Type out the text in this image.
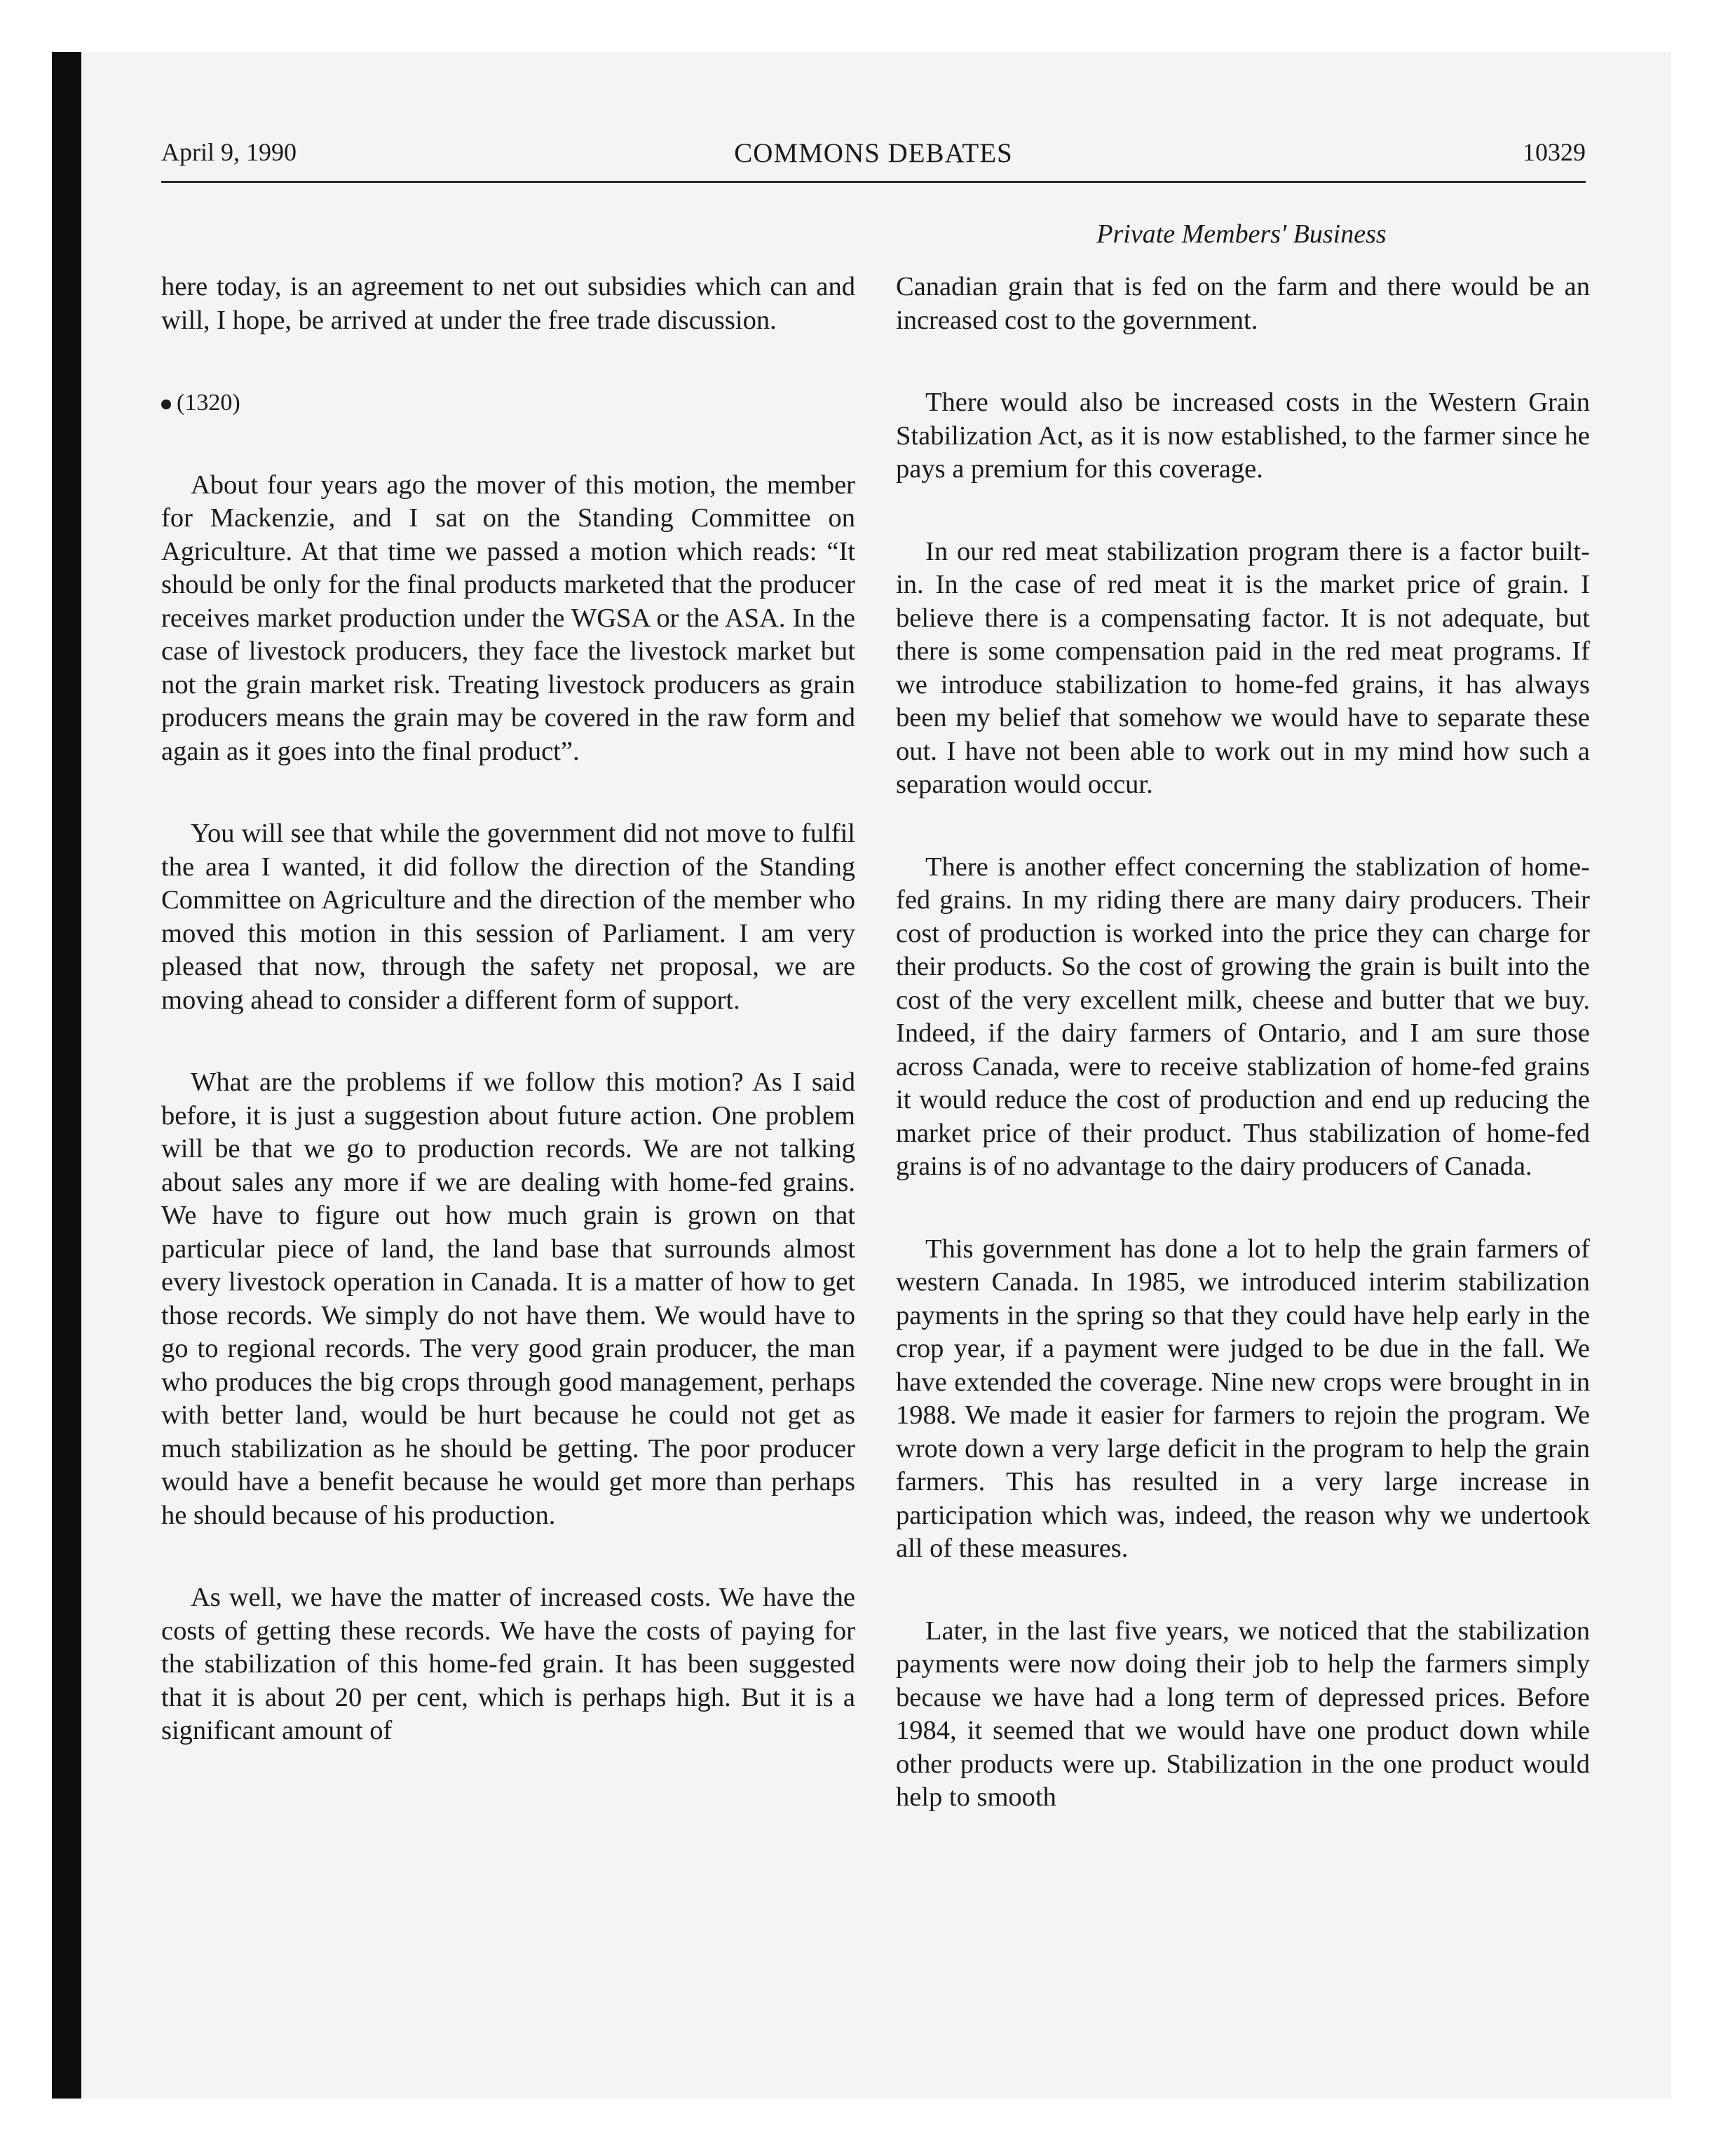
April 9, 1990	COMMONS DEBATES	10329
Private Members' Business

here today, is an agreement to net out subsidies which can and will, I hope, be arrived at under the free trade discussion.

(1320)

About four years ago the mover of this motion, the member for Mackenzie, and I sat on the Standing Committee on Agriculture. At that time we passed a motion which reads: “It should be only for the final products marketed that the producer receives market production under the WGSA or the ASA. In the case of livestock producers, they face the livestock market but not the grain market risk. Treating livestock producers as grain producers means the grain may be covered in the raw form and again as it goes into the final product”.

You will see that while the government did not move to fulfil the area I wanted, it did follow the direction of the Standing Committee on Agriculture and the direction of the member who moved this motion in this session of Parliament. I am very pleased that now, through the safety net proposal, we are moving ahead to consider a different form of support.

What are the problems if we follow this motion? As I said before, it is just a suggestion about future action. One problem will be that we go to production records. We are not talking about sales any more if we are dealing with home-fed grains. We have to figure out how much grain is grown on that particular piece of land, the land base that surrounds almost every livestock operation in Canada. It is a matter of how to get those records. We simply do not have them. We would have to go to regional records. The very good grain producer, the man who produces the big crops through good management, perhaps with better land, would be hurt because he could not get as much stabilization as he should be getting. The poor producer would have a benefit because he would get more than perhaps he should because of his production.

As well, we have the matter of increased costs. We have the costs of getting these records. We have the costs of paying for the stabilization of this home-fed grain. It has been suggested that it is about 20 per cent, which is perhaps high. But it is a significant amount of

Canadian grain that is fed on the farm and there would be an increased cost to the government.

There would also be increased costs in the Western Grain Stabilization Act, as it is now established, to the farmer since he pays a premium for this coverage.

In our red meat stabilization program there is a factor built-in. In the case of red meat it is the market price of grain. I believe there is a compensating factor. It is not adequate, but there is some compensation paid in the red meat programs. If we introduce stabilization to home-fed grains, it has always been my belief that somehow we would have to separate these out. I have not been able to work out in my mind how such a separation would occur.

There is another effect concerning the stablization of home-fed grains. In my riding there are many dairy producers. Their cost of production is worked into the price they can charge for their products. So the cost of growing the grain is built into the cost of the very excellent milk, cheese and butter that we buy. Indeed, if the dairy farmers of Ontario, and I am sure those across Canada, were to receive stablization of home-fed grains it would reduce the cost of production and end up reducing the market price of their product. Thus stabilization of home-fed grains is of no advantage to the dairy producers of Canada.

This government has done a lot to help the grain farmers of western Canada. In 1985, we introduced interim stabilization payments in the spring so that they could have help early in the crop year, if a payment were judged to be due in the fall. We have extended the coverage. Nine new crops were brought in in 1988. We made it easier for farmers to rejoin the program. We wrote down a very large deficit in the program to help the grain farmers. This has resulted in a very large increase in participation which was, indeed, the reason why we undertook all of these measures.

Later, in the last five years, we noticed that the stabilization payments were now doing their job to help the farmers simply because we have had a long term of depressed prices. Before 1984, it seemed that we would have one product down while other products were up. Stabilization in the one product would help to smooth
